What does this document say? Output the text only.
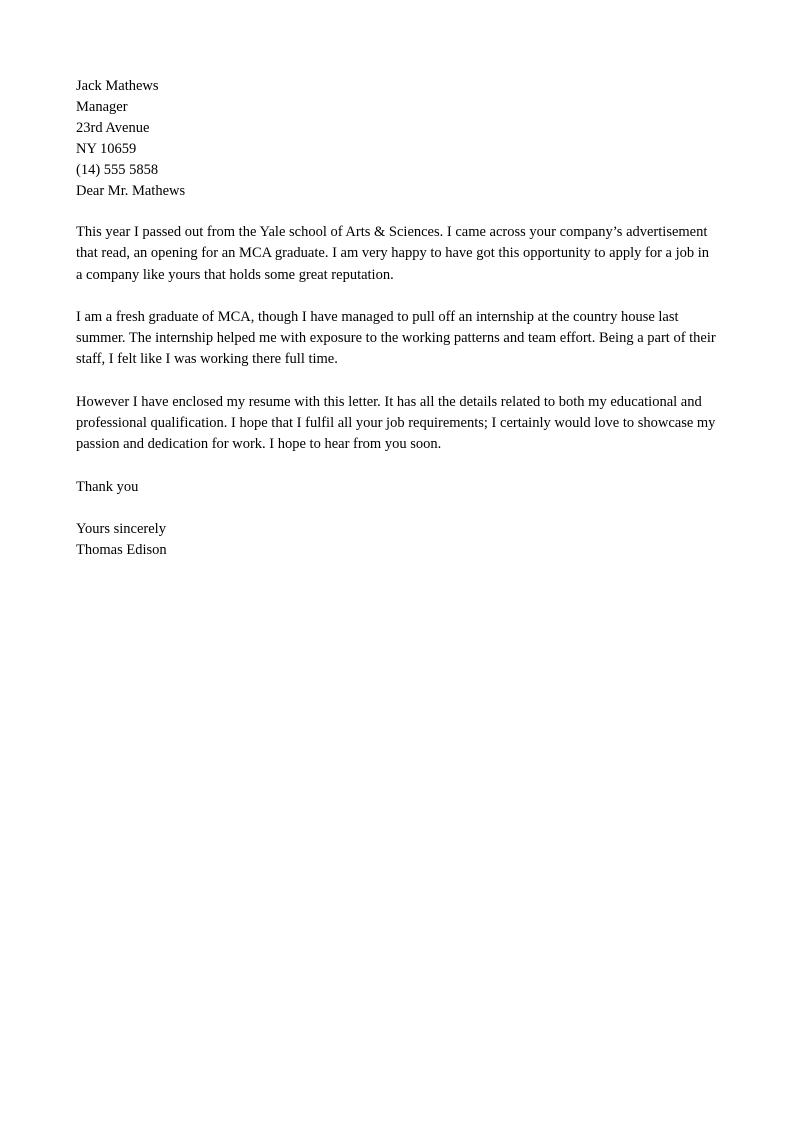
Jack Mathews
Manager
23rd Avenue
NY 10659
(14) 555 5858
Dear Mr. Mathews

This year I passed out from the Yale school of Arts & Sciences. I came across your company’s advertisement that read, an opening for an MCA graduate. I am very happy to have got this opportunity to apply for a job in a company like yours that holds some great reputation.

I am a fresh graduate of MCA, though I have managed to pull off an internship at the country house last summer. The internship helped me with exposure to the working patterns and team effort. Being a part of their staff, I felt like I was working there full time.

However I have enclosed my resume with this letter. It has all the details related to both my educational and professional qualification. I hope that I fulfil all your job requirements; I certainly would love to showcase my passion and dedication for work. I hope to hear from you soon.

Thank you
Yours sincerely
Thomas Edison
